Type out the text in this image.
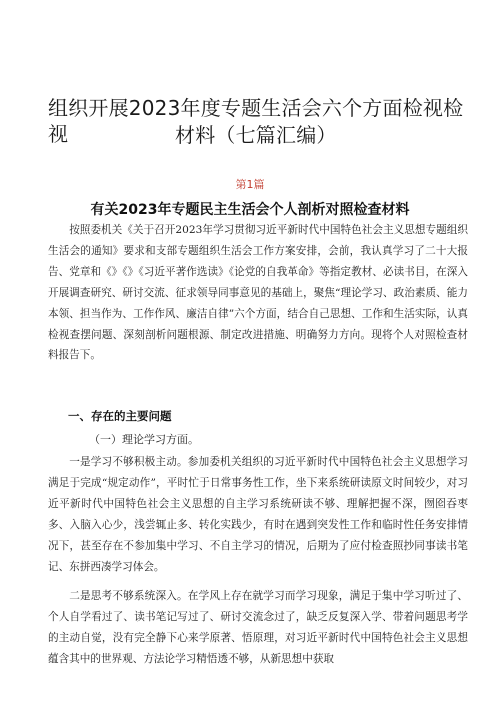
组织开展2023年度专题生活会六个方面检视检视	材料（七篇汇编）
第1篇
有关2023年专题民主生活会个人剖析对照检查材料
按照委机关《关于召开2023年学习贯彻习近平新时代中国特色社会主义思想专题组织生活会的通知》要求和支部专题组织生活会工作方案安排，会前，我认真学习了二十大报告、党章和《》《》《习近平著作选读》《论党的自我革命》等指定教材、必读书目，在深入开展调查研究、研讨交流、征求领导同事意见的基础上，聚焦“理论学习、政治素质、能力本领、担当作为、工作作风、廉洁自律”六个方面，结合自己思想、工作和生活实际，认真检视查摆问题、深刻剖析问题根源、制定改进措施、明确努力方向。现将个人对照检查材料报告下。
一、存在的主要问题
（一）理论学习方面。
一是学习不够积极主动。参加委机关组织的习近平新时代中国特色社会主义思想学习满足于完成“规定动作”，平时忙于日常事务性工作，坐下来系统研读原文时间较少，对习近平新时代中国特色社会主义思想的自主学习系统研读不够、理解把握不深，囫囵吞枣多、入脑入心少，浅尝辄止多、转化实践少，有时在遇到突发性工作和临时性任务安排情况下，甚至存在不参加集中学习、不自主学习的情况，后期为了应付检查照抄同事读书笔记、东拼西凑学习体会。
二是思考不够系统深入。在学风上存在就学习而学习现象，满足于集中学习听过了、个人自学看过了、读书笔记写过了、研讨交流念过了，缺乏反复深入学、带着问题思考学的主动自觉，没有完全静下心来学原著、悟原理，对习近平新时代中国特色社会主义思想蕴含其中的世界观、方法论学习精悟透不够，从新思想中获取
